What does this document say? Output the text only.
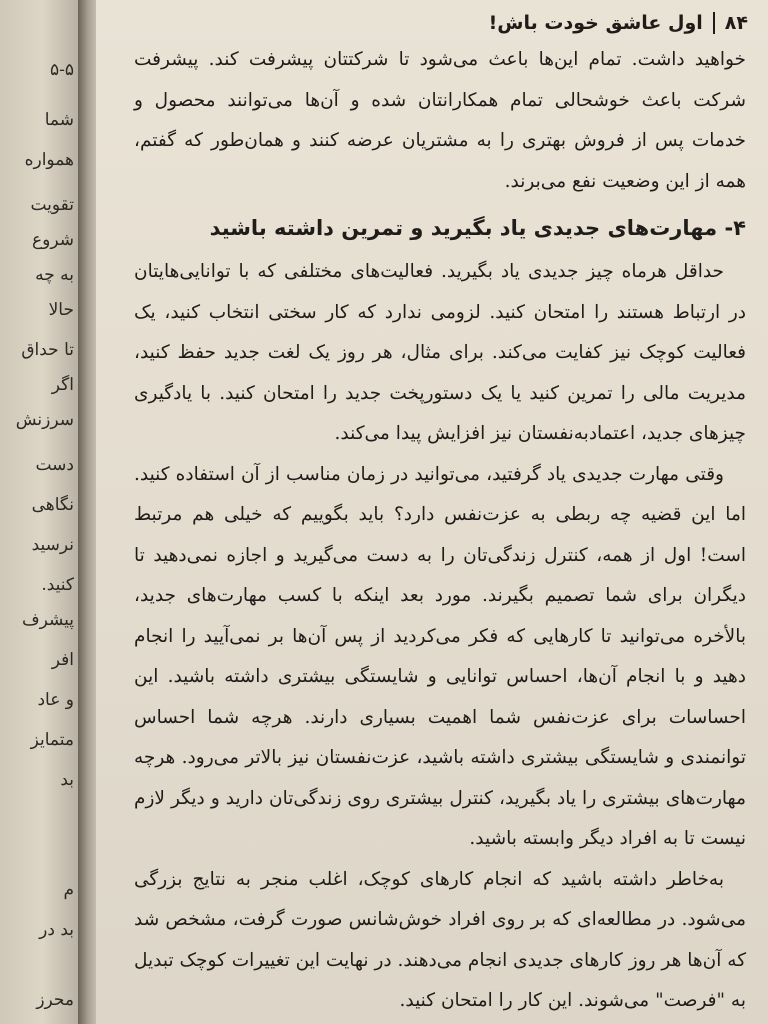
۵-۵
شما
همواره
تقویت
شروع
به چه
حالا
تا حداق
اگر
سرزنش
دست
نگاهی
نرسید
کنید.
پیشرف
افر
و عاد
متمایز
بد
م
بد در
محرز
۸۴
اول عاشق خودت باش!

خواهید داشت. تمام این‌ها باعث می‌شود تا شرکتتان پیشرفت کند. پیشرفت شرکت باعث خوشحالی تمام همکارانتان شده و آن‌ها می‌توانند محصول و خدمات پس از فروش بهتری را به مشتریان عرضه کنند و همان‌طور که گفتم، همه از این وضعیت نفع می‌برند.

۴- مهارت‌های جدیدی یاد بگیرید و تمرین داشته باشید

حداقل هرماه چیز جدیدی یاد بگیرید. فعالیت‌های مختلفی که با توانایی‌هایتان در ارتباط هستند را امتحان کنید. لزومی ندارد که کار سختی انتخاب کنید، یک فعالیت کوچک نیز کفایت می‌کند. برای مثال، هر روز یک لغت جدید حفظ کنید، مدیریت مالی را تمرین کنید یا یک دستورپخت جدید را امتحان کنید. با یادگیری چیزهای جدید، اعتمادبه‌نفستان نیز افزایش پیدا می‌کند.

وقتی مهارت جدیدی یاد گرفتید، می‌توانید در زمان مناسب از آن استفاده کنید. اما این قضیه چه ربطی به عزت‌نفس دارد؟ باید بگوییم که خیلی هم مرتبط است! اول از همه، کنترل زندگی‌تان را به دست می‌گیرید و اجازه نمی‌دهید تا دیگران برای شما تصمیم بگیرند. مورد بعد اینکه با کسب مهارت‌های جدید، بالأخره می‌توانید تا کارهایی که فکر می‌کردید از پس آن‌ها بر نمی‌آیید را انجام دهید و با انجام آن‌ها، احساس توانایی و شایستگی بیشتری داشته باشید. این احساسات برای عزت‌نفس شما اهمیت بسیاری دارند. هرچه شما احساس توانمندی و شایستگی بیشتری داشته باشید، عزت‌نفستان نیز بالاتر می‌رود. هرچه مهارت‌های بیشتری را یاد بگیرید، کنترل بیشتری روی زندگی‌تان دارید و دیگر لازم نیست تا به افراد دیگر وابسته باشید.

به‌خاطر داشته باشید که انجام کارهای کوچک، اغلب منجر به نتایج بزرگی می‌شود. در مطالعه‌ای که بر روی افراد خوش‌شانس صورت گرفت، مشخص شد که آن‌ها هر روز کارهای جدیدی انجام می‌دهند. در نهایت این تغییرات کوچک تبدیل به "فرصت" می‌شوند. این کار را امتحان کنید.
